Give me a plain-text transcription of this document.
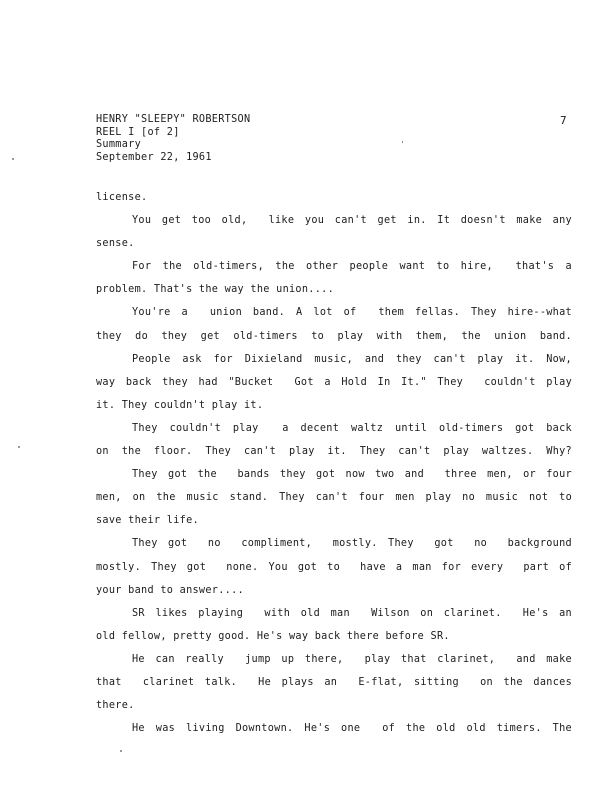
HENRY "SLEEPY" ROBERTSON
REEL I [of 2]
Summary
September 22, 1961
7
'
license.
You get too old,  like you can't get in. It doesn't make any
sense.
For the old-timers, the other people want to hire,  that's a
problem. That's the way the union....
You're a  union band. A lot of  them fellas. They hire--what
they do they get old-timers to play with them, the union band.
People ask for Dixieland music, and they can't play it. Now,
way back they had "Bucket  Got a Hold In It." They  couldn't play
it. They couldn't play it.
They couldn't play  a decent waltz until old-timers got back
on the floor. They can't play it. They can't play waltzes. Why?
They got the  bands they got now two and  three men, or four
men, on the music stand. They can't four men play no music not to
save their life.
They got  no  compliment,  mostly. They  got  no  background
mostly. They got  none. You got to  have a man for every  part of
your band to answer....
SR likes playing  with old man  Wilson on clarinet.  He's an
old fellow, pretty good. He's way back there before SR.
He can really  jump up there,  play that clarinet,  and make
that  clarinet talk.  He plays an  E-flat, sitting  on the dances
there.
He was living Downtown. He's one  of the old old timers. The
